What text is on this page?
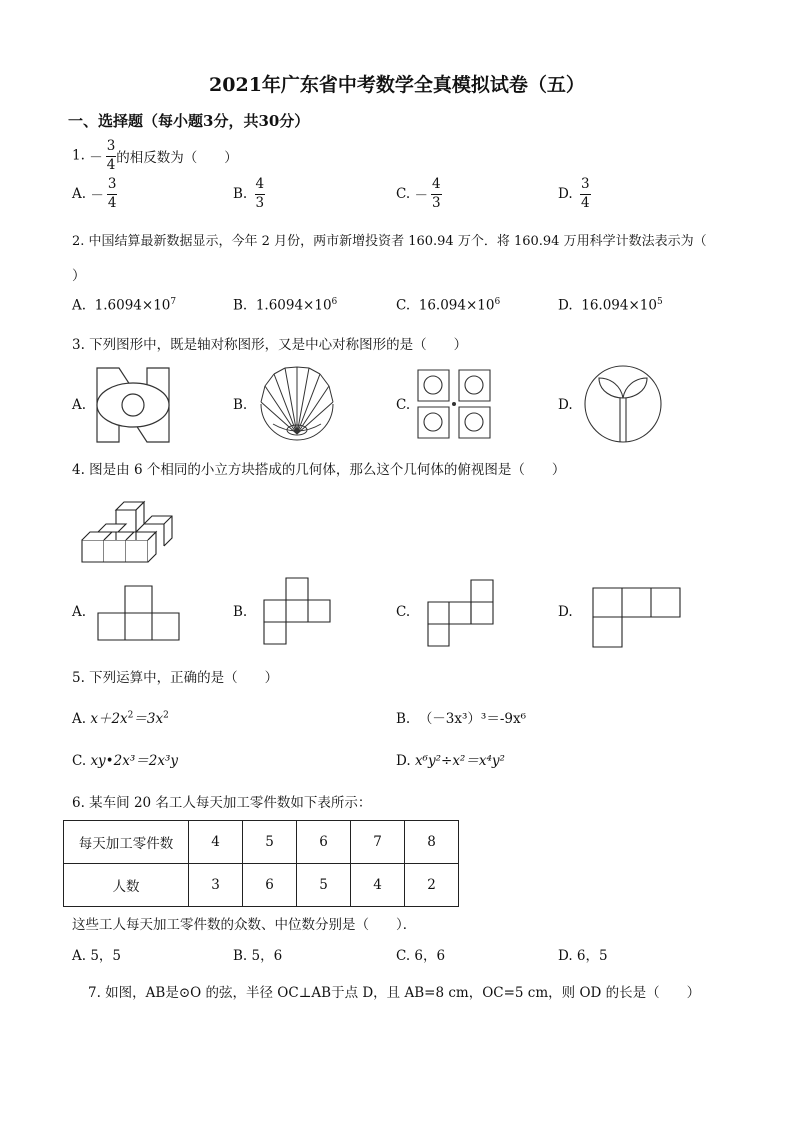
2021年广东省中考数学全真模拟试卷（五）
一、选择题（每小题3分，共30分）
1. － $\frac{3}{4}$ 的相反数为（　　）
A. － $\frac{3}{4}$	B. $\frac{4}{3}$	C. － $\frac{4}{3}$	D. $\frac{3}{4}$
2. 中国结算最新数据显示，今年 2 月份，两市新增投资者 160.94 万个．将 160.94 万用科学计数法表示为（
）
A. $1.6094\times 10^7$	B. $1.6094\times 10^6$	C. $16.094\times 10^6$	D. $16.094\times 10^5$
3. 下列图形中，既是轴对称图形，又是中心对称图形的是（　　）
A.	B.	C.	D.
4. 图是由 6 个相同的小立方块搭成的几何体，那么这个几何体的俯视图是（　　）
A.	B.	C.	D.
5. 下列运算中，正确的是（　　）
A. $x+2x^2=3x^2$	B. （－3x³）³＝-9x⁶
C. xy•2x³＝2x³y	D. x⁶y²÷x²＝x⁴y²
6. 某车间 20 名工人每天加工零件数如下表所示：
每天加工零件数	4	5	6	7	8
人数	3	6	5	4	2
这些工人每天加工零件数的众数、中位数分别是（　　）．
A. 5，5	B. 5，6	C. 6，6	D. 6，5
7. 如图，AB是⊙O 的弦，半径 OC⊥AB于点 D，且 AB=8 cm，OC=5 cm，则 OD 的长是（　　）
